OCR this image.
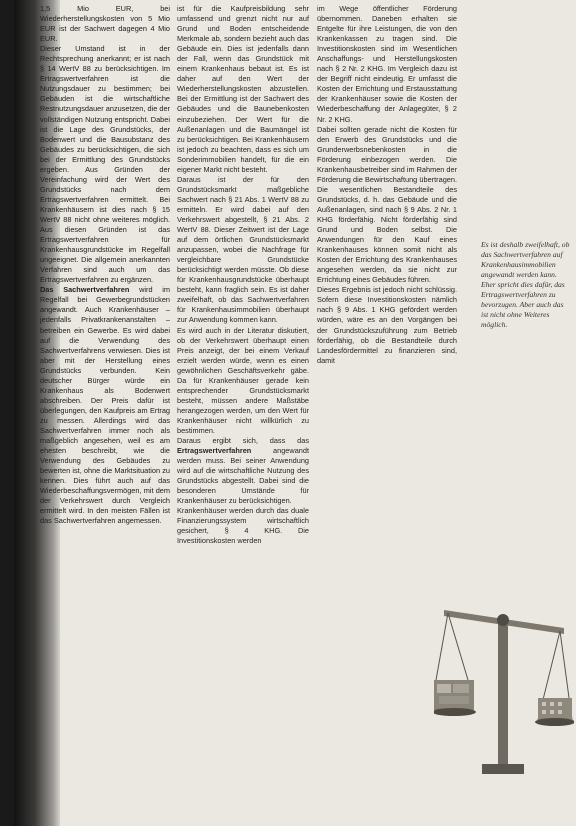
1,5 Mio EUR, bei Wiederherstellungskosten von 5 Mio EUR ist der Sachwert dagegen 4 Mio EUR.

Dieser Umstand ist in der Rechtsprechung anerkannt; er ist nach § 14 WertV 88 zu berücksichtigen. Im Ertragswertverfahren ist die Nutzungsdauer zu bestimmen; bei Gebäuden ist die wirtschaftliche Restnutzungsdauer anzusetzen, die der vollständigen Nutzung entspricht. Dabei ist die Lage des Grundstücks, der Bodenwert und die Bausubstanz des Gebäudes zu berücksichtigen, die sich bei der Ermittlung des Grundstücks ergeben. Aus Gründen der Vereinfachung wird der Wert des Grundstücks nach dem Ertragswertverfahren ermittelt. Bei Krankenhäusern ist dies nach § 15 WertV 88 nicht ohne weiteres möglich. Aus diesen Gründen ist das Ertragswertverfahren für Krankenhausgrundstücke im Regelfall ungeeignet. Die allgemein anerkannten Verfahren sind auch um das Ertragswertverfahren zu ergänzen.

Das Sachwertverfahren wird im Regelfall bei Gewerbegrundstücken angewandt. Auch Krankenhäuser – jedenfalls Privatkrankenanstalten – betreiben ein Gewerbe. Es wird dabei auf die Verwendung des Sachwertverfahrens verwiesen. Dies ist aber mit der Herstellung eines Grundstücks verbunden. Kein deutscher Bürger würde ein Krankenhaus als Bodenwert abschreiben. Der Preis dafür ist überlegungen, den Kaufpreis am Ertrag zu messen. Allerdings wird das Sachwertverfahren immer noch als maßgeblich angesehen, weil es am ehesten beschreibt, wie die Verwendung des Gebäudes zu bewerten ist, ohne die Marktsituation zu kennen. Dies führt auch auf das Wiederbeschaffungsvermögen, mit dem der Verkehrswert durch Vergleich ermittelt wird. In den meisten Fällen ist das Sachwertverfahren angemessen.

ist für die Kaufpreisbildung sehr umfassend und grenzt nicht nur auf Grund und Boden entscheidende Merkmale ab, sondern bezieht auch das Gebäude ein. Dies ist jedenfalls dann der Fall, wenn das Grundstück mit einem Krankenhaus bebaut ist. Es ist daher auf den Wert der Wiederherstellungskosten abzustellen. Bei der Ermittlung ist der Sachwert des Gebäudes und die Baunebenkosten einzubeziehen. Der Wert für die Außenanlagen und die Baumängel ist zu berücksichtigen. Bei Krankenhäusern ist jedoch zu beachten, dass es sich um Sonderimmobilien handelt, für die ein eigener Markt nicht besteht.

Daraus ist der für den Grundstücksmarkt maßgebliche Sachwert nach § 21 Abs. 1 WertV 88 zu ermitteln. Er wird dabei auf den Verkehrswert abgestellt, § 21 Abs. 2 WertV 88. Dieser Zeitwert ist der Lage auf dem örtlichen Grundstücksmarkt anzupassen, wobei die Nachfrage für vergleichbare Grundstücke berücksichtigt werden müsste. Ob diese für Krankenhausgrundstücke überhaupt besteht, kann fraglich sein. Es ist daher zweifelhaft, ob das Sachwertverfahren für Krankenhausimmobilien überhaupt zur Anwendung kommen kann.

Es wird auch in der Literatur diskutiert, ob der Verkehrswert überhaupt einen Preis anzeigt, der bei einem Verkauf erzielt werden würde, wenn es einen gewöhnlichen Geschäftsverkehr gäbe. Da für Krankenhäuser gerade kein entsprechender Grundstücksmarkt besteht, müssen andere Maßstäbe herangezogen werden, um den Wert für Krankenhäuser nicht willkürlich zu bestimmen.

Daraus ergibt sich, dass das Ertragswertverfahren angewandt werden muss. Bei seiner Anwendung wird auf die wirtschaftliche Nutzung des Grundstücks abgestellt. Dabei sind die besonderen Umstände für Krankenhäuser zu berücksichtigen.

Krankenhäuser werden durch das duale Finanzierungssystem wirtschaftlich gesichert, § 4 KHG. Die Investitionskosten werden

im Wege öffentlicher Förderung übernommen. Daneben erhalten sie Entgelte für ihre Leistungen, die von den Krankenkassen zu tragen sind. Die Investitionskosten sind im Wesentlichen Anschaffungs- und Herstellungskosten nach § 2 Nr. 2 KHG. Im Vergleich dazu ist der Begriff nicht eindeutig. Er umfasst die Kosten der Errichtung und Erstausstattung der Krankenhäuser sowie die Kosten der Wiederbeschaffung der Anlagegüter, § 2 Nr. 2 KHG.

Dabei sollten gerade nicht die Kosten für den Erwerb des Grundstücks und die Grunderwerbsnebenkosten in die Förderung einbezogen werden. Die Krankenhausbetreiber sind im Rahmen der Förderung die Bewirtschaftung übertragen. Die wesentlichen Bestandteile des Grundstücks, d. h. das Gebäude und die Außenanlagen, sind nach § 9 Abs. 2 Nr. 1 KHG förderfähig. Nicht förderfähig sind Grund und Boden selbst. Die Anwendungen für den Kauf eines Krankenhauses können somit nicht als Kosten der Errichtung des Krankenhauses angesehen werden, da sie nicht zur Errichtung eines Gebäudes führen.

Dieses Ergebnis ist jedoch nicht schlüssig. Sofern diese Investitionskosten nämlich nach § 9 Abs. 1 KHG gefördert werden würden, wäre es an den Vorgängen bei der Grundstückszuführung zum Betrieb förderfähig, ob die Bestandteile durch Landesfördermittel zu finanzieren sind, damit

Es ist deshalb zweifelhaft, ob das Sachwertverfahren auf Krankenhausimmobilien angewandt werden kann. Eher spricht dies dafür, das Ertragswertverfahren zu bevorzugen. Aber auch das ist nicht ohne Weiteres möglich.
